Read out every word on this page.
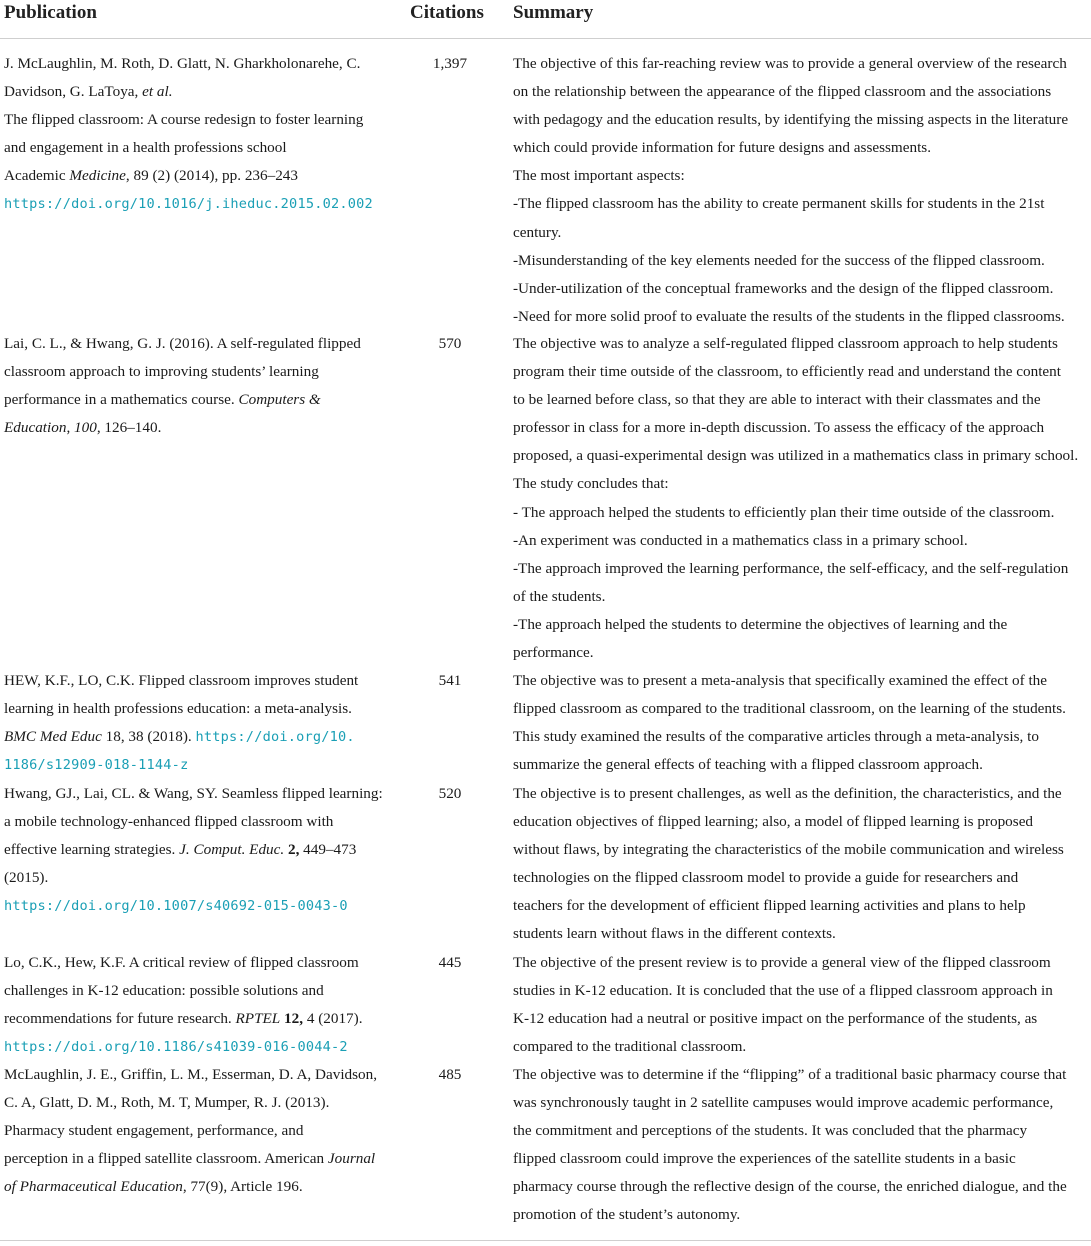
Publication	Citations Summary
J. McLaughlin, M. Roth, D. Glatt, N. Gharkholonarehe, C.
Davidson, G. LaToya, et al.
The flipped classroom: A course redesign to foster learning
and engagement in a health professions school
Academic Medicine, 89 (2) (2014), pp. 236–243
https://doi.org/10.1016/j.iheduc.2015.02.002
1,397	The objective of this far-reaching review was to provide a general overview of the research
on the relationship between the appearance of the flipped classroom and the associations
with pedagogy and the education results, by identifying the missing aspects in the literature
which could provide information for future designs and assessments.
The most important aspects:
-The flipped classroom has the ability to create permanent skills for students in the 21st
century.
-Misunderstanding of the key elements needed for the success of the flipped classroom.
-Under-utilization of the conceptual frameworks and the design of the flipped classroom.
-Need for more solid proof to evaluate the results of the students in the flipped classrooms.
Lai, C. L., & Hwang, G. J. (2016). A self-regulated flipped
classroom approach to improving students’ learning
performance in a mathematics course. Computers &
Education, 100, 126–140.
570	The objective was to analyze a self-regulated flipped classroom approach to help students
program their time outside of the classroom, to efficiently read and understand the content
to be learned before class, so that they are able to interact with their classmates and the
professor in class for a more in-depth discussion. To assess the efficacy of the approach
proposed, a quasi-experimental design was utilized in a mathematics class in primary school.
The study concludes that:
- The approach helped the students to efficiently plan their time outside of the classroom.
-An experiment was conducted in a mathematics class in a primary school.
-The approach improved the learning performance, the self-efficacy, and the self-regulation
of the students.
-The approach helped the students to determine the objectives of learning and the
performance.
HEW, K.F., LO, C.K. Flipped classroom improves student
learning in health professions education: a meta-analysis.
BMC Med Educ 18, 38 (2018). https://doi.org/10.
1186/s12909-018-1144-z
541	The objective was to present a meta-analysis that specifically examined the effect of the
flipped classroom as compared to the traditional classroom, on the learning of the students.
This study examined the results of the comparative articles through a meta-analysis, to
summarize the general effects of teaching with a flipped classroom approach.
Hwang, GJ., Lai, CL. & Wang, SY. Seamless flipped learning:
a mobile technology-enhanced flipped classroom with
effective learning strategies. J. Comput. Educ. 2, 449–473
(2015).
https://doi.org/10.1007/s40692-015-0043-0
520	The objective is to present challenges, as well as the definition, the characteristics, and the
education objectives of flipped learning; also, a model of flipped learning is proposed
without flaws, by integrating the characteristics of the mobile communication and wireless
technologies on the flipped classroom model to provide a guide for researchers and
teachers for the development of efficient flipped learning activities and plans to help
students learn without flaws in the different contexts.
Lo, C.K., Hew, K.F. A critical review of flipped classroom
challenges in K-12 education: possible solutions and
recommendations for future research. RPTEL 12, 4 (2017).
https://doi.org/10.1186/s41039-016-0044-2
445	The objective of the present review is to provide a general view of the flipped classroom
studies in K-12 education. It is concluded that the use of a flipped classroom approach in
K-12 education had a neutral or positive impact on the performance of the students, as
compared to the traditional classroom.
McLaughlin, J. E., Griffin, L. M., Esserman, D. A, Davidson,
C. A, Glatt, D. M., Roth, M. T, Mumper, R. J. (2013).
Pharmacy student engagement, performance, and
perception in a flipped satellite classroom. American Journal
of Pharmaceutical Education, 77(9), Article 196.
485	The objective was to determine if the “flipping” of a traditional basic pharmacy course that
was synchronously taught in 2 satellite campuses would improve academic performance,
the commitment and perceptions of the students. It was concluded that the pharmacy
flipped classroom could improve the experiences of the satellite students in a basic
pharmacy course through the reflective design of the course, the enriched dialogue, and the
promotion of the student’s autonomy.
